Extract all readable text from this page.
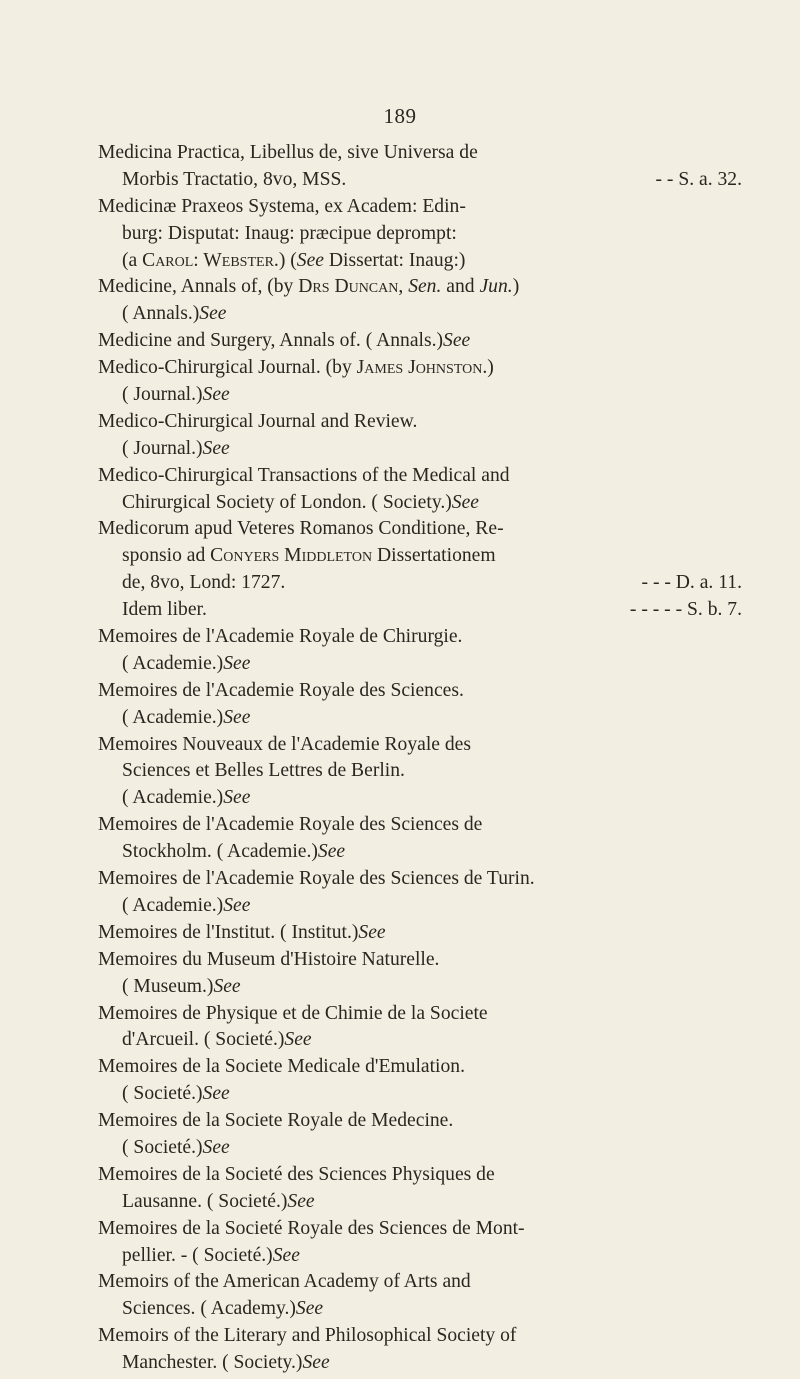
189
Medicina Practica, Libellus de, sive Universa de
Morbis Tractatio, 8vo, MSS.	- - S. a. 32.
Medicinæ Praxeos Systema, ex Academ: Edin-
burg: Disputat: Inaug: præcipue deprompt:
(a Carol: Webster.) (See Dissertat: Inaug:)
Medicine, Annals of, (by Drs Duncan, Sen. and Jun.)
( Annals.)See
Medicine and Surgery, Annals of. ( Annals.)See
Medico-Chirurgical Journal. (by James Johnston.)
( Journal.)See
Medico-Chirurgical Journal and Review.
( Journal.)See
Medico-Chirurgical Transactions of the Medical and
Chirurgical Society of London. ( Society.)See
Medicorum apud Veteres Romanos Conditione, Re-
sponsio ad Conyers Middleton Dissertationem
de, 8vo, Lond: 1727.	- - - D. a. 11.
Idem liber.	- - - - - S. b. 7.
Memoires de l'Academie Royale de Chirurgie.
( Academie.)See
Memoires de l'Academie Royale des Sciences.
( Academie.)See
Memoires Nouveaux de l'Academie Royale des
Sciences et Belles Lettres de Berlin.
( Academie.)See
Memoires de l'Academie Royale des Sciences de
Stockholm. ( Academie.)See
Memoires de l'Academie Royale des Sciences de Turin.
( Academie.)See
Memoires de l'Institut. ( Institut.)See
Memoires du Museum d'Histoire Naturelle.
( Museum.)See
Memoires de Physique et de Chimie de la Societe
d'Arcueil. ( Societé.)See
Memoires de la Societe Medicale d'Emulation.
( Societé.)See
Memoires de la Societe Royale de Medecine.
( Societé.)See
Memoires de la Societé des Sciences Physiques de
Lausanne. ( Societé.)See
Memoires de la Societé Royale des Sciences de Mont-
pellier. - ( Societé.)See
Memoirs of the American Academy of Arts and
Sciences. ( Academy.)See
Memoirs of the Literary and Philosophical Society of
Manchester. ( Society.)See
